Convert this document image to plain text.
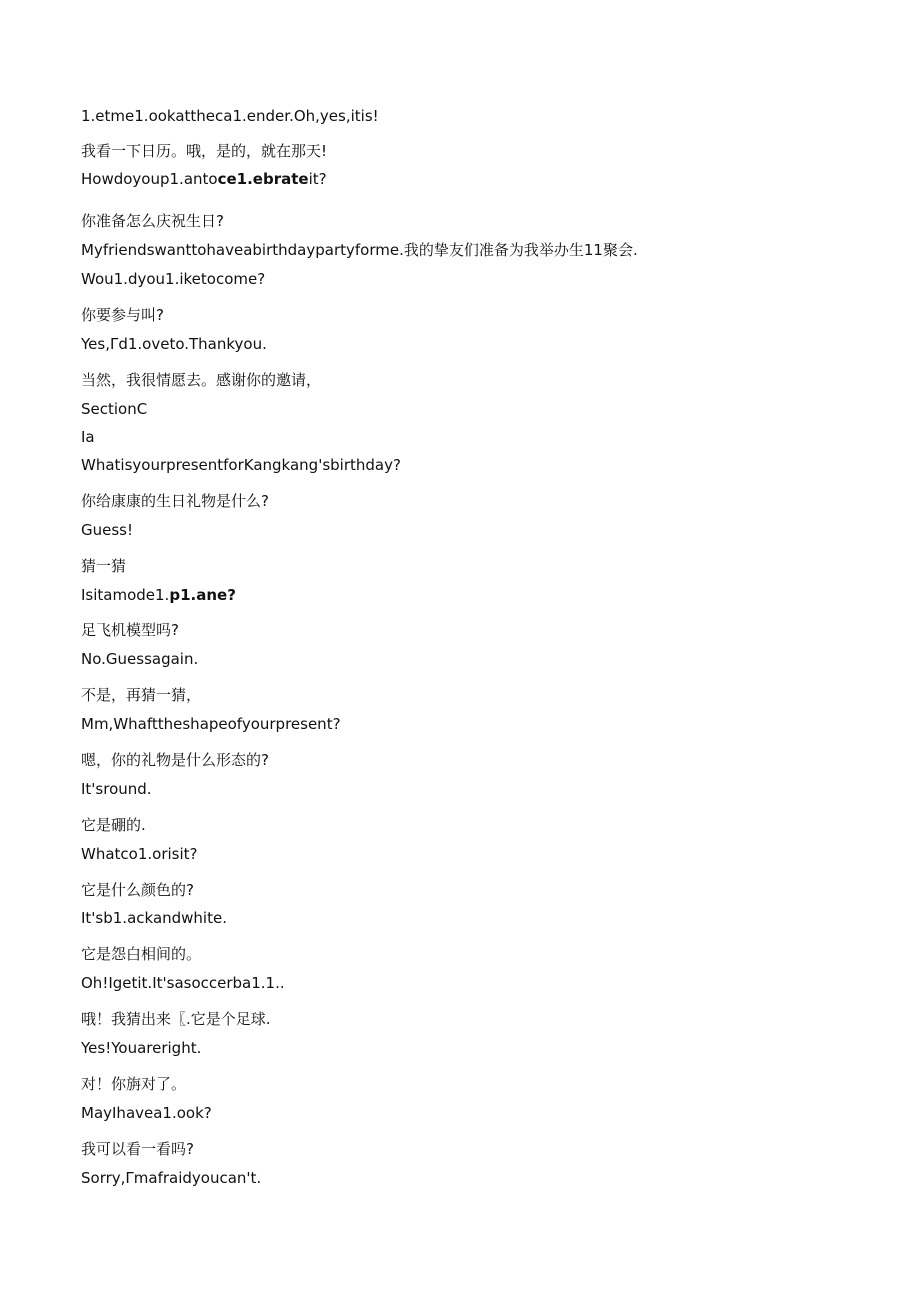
1.etme1.ookattheca1.ender.Oh,yes,itis!
我看一下日历。哦，是的，就在那天!
Howdoyoup1.antoce1.ebrateit?
你准备怎么庆祝生日?
Myfriendswanttohaveabirthdaypartyforme.我的挚友们准备为我举办生11聚会.
Wou1.dyou1.iketocome?
你要参与叫?
Yes,Γd1.oveto.Thankyou.
当然，我很情愿去。感谢你的邀请，
SectionC
Ia
WhatisyourpresentforKangkang'sbirthday?
你给康康的生日礼物是什么?
Guess!
猜一猜
Isitamode1.p1.ane?
足飞机模型吗?
No.Guessagain.
不是，再猜一猜，
Mm,Whafttheshapeofyourpresent?
嗯，你的礼物是什么形态的?
It'sround.
它是硼的.
Whatco1.orisit?
它是什么颜色的?
It'sb1.ackandwhite.
它是怨白相间的。
Oh!Igetit.It'sasoccerba1.1..
哦！我猜出来〖.它是个足球.
Yes!Youareright.
对！你旃对了。
MayIhavea1.ook?
我可以看一看吗?
Sorry,Γmafraidyoucan't.
